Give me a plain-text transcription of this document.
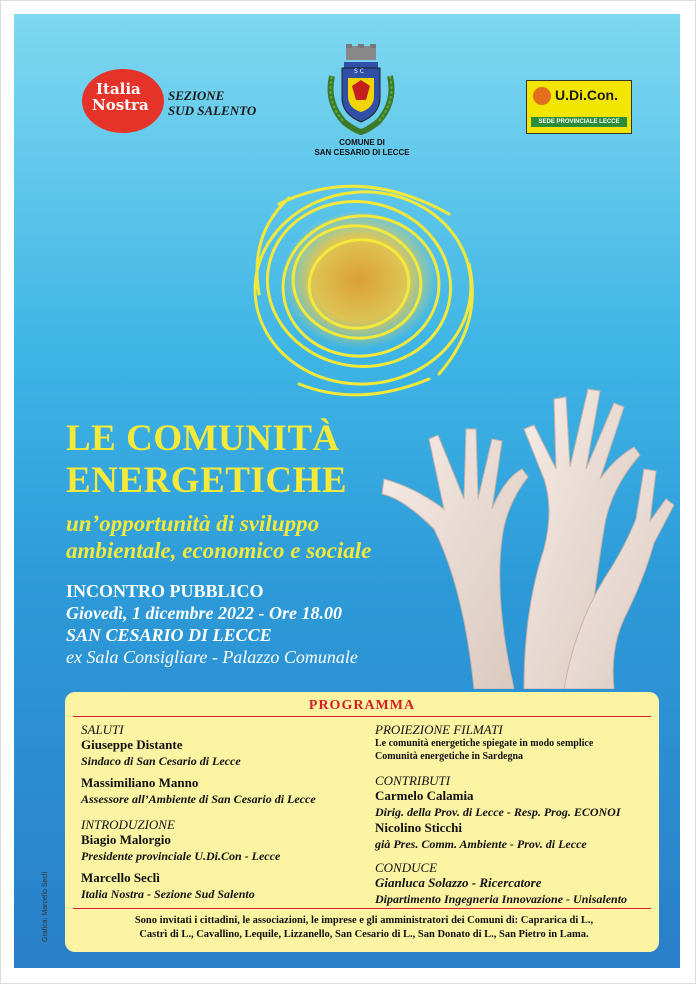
Italia
Nostra
SEZIONE
SUD SALENTO
S C
COMUNE DI
SAN CESARIO DI LECCE
U.Di.Con.
SEDE PROVINCIALE LECCE
LE COMUNITÀ
ENERGETICHE
un’opportunità di sviluppo
ambientale, economico e sociale
INCONTRO PUBBLICO
Giovedì, 1 dicembre 2022 - Ore 18.00
SAN CESARIO DI LECCE
ex Sala Consigliare - Palazzo Comunale
PROGRAMMA
SALUTI
Giuseppe Distante
Sindaco di San Cesario di Lecce
Massimiliano Manno
Assessore all’Ambiente di San Cesario di Lecce
INTRODUZIONE
Biagio Malorgio
Presidente provinciale U.Di.Con - Lecce
Marcello Seclì
Italia Nostra - Sezione Sud Salento
PROIEZIONE FILMATI
Le comunità energetiche spiegate in modo semplice
Comunità energetiche in Sardegna
CONTRIBUTI
Carmelo Calamia
Dirig. della Prov. di Lecce - Resp. Prog. ECONOI
Nicolino Sticchi
già Pres. Comm. Ambiente - Prov. di Lecce
CONDUCE
Gianluca Solazzo - Ricercatore
Dipartimento Ingegneria Innovazione - Unisalento
Sono invitati i cittadini, le associazioni, le imprese e gli amministratori dei Comuni di: Caprarica di L.,
Castrì di L., Cavallino, Lequile, Lizzanello, San Cesario di L., San Donato di L., San Pietro in Lama.
Grafica: Marcello Seclì
